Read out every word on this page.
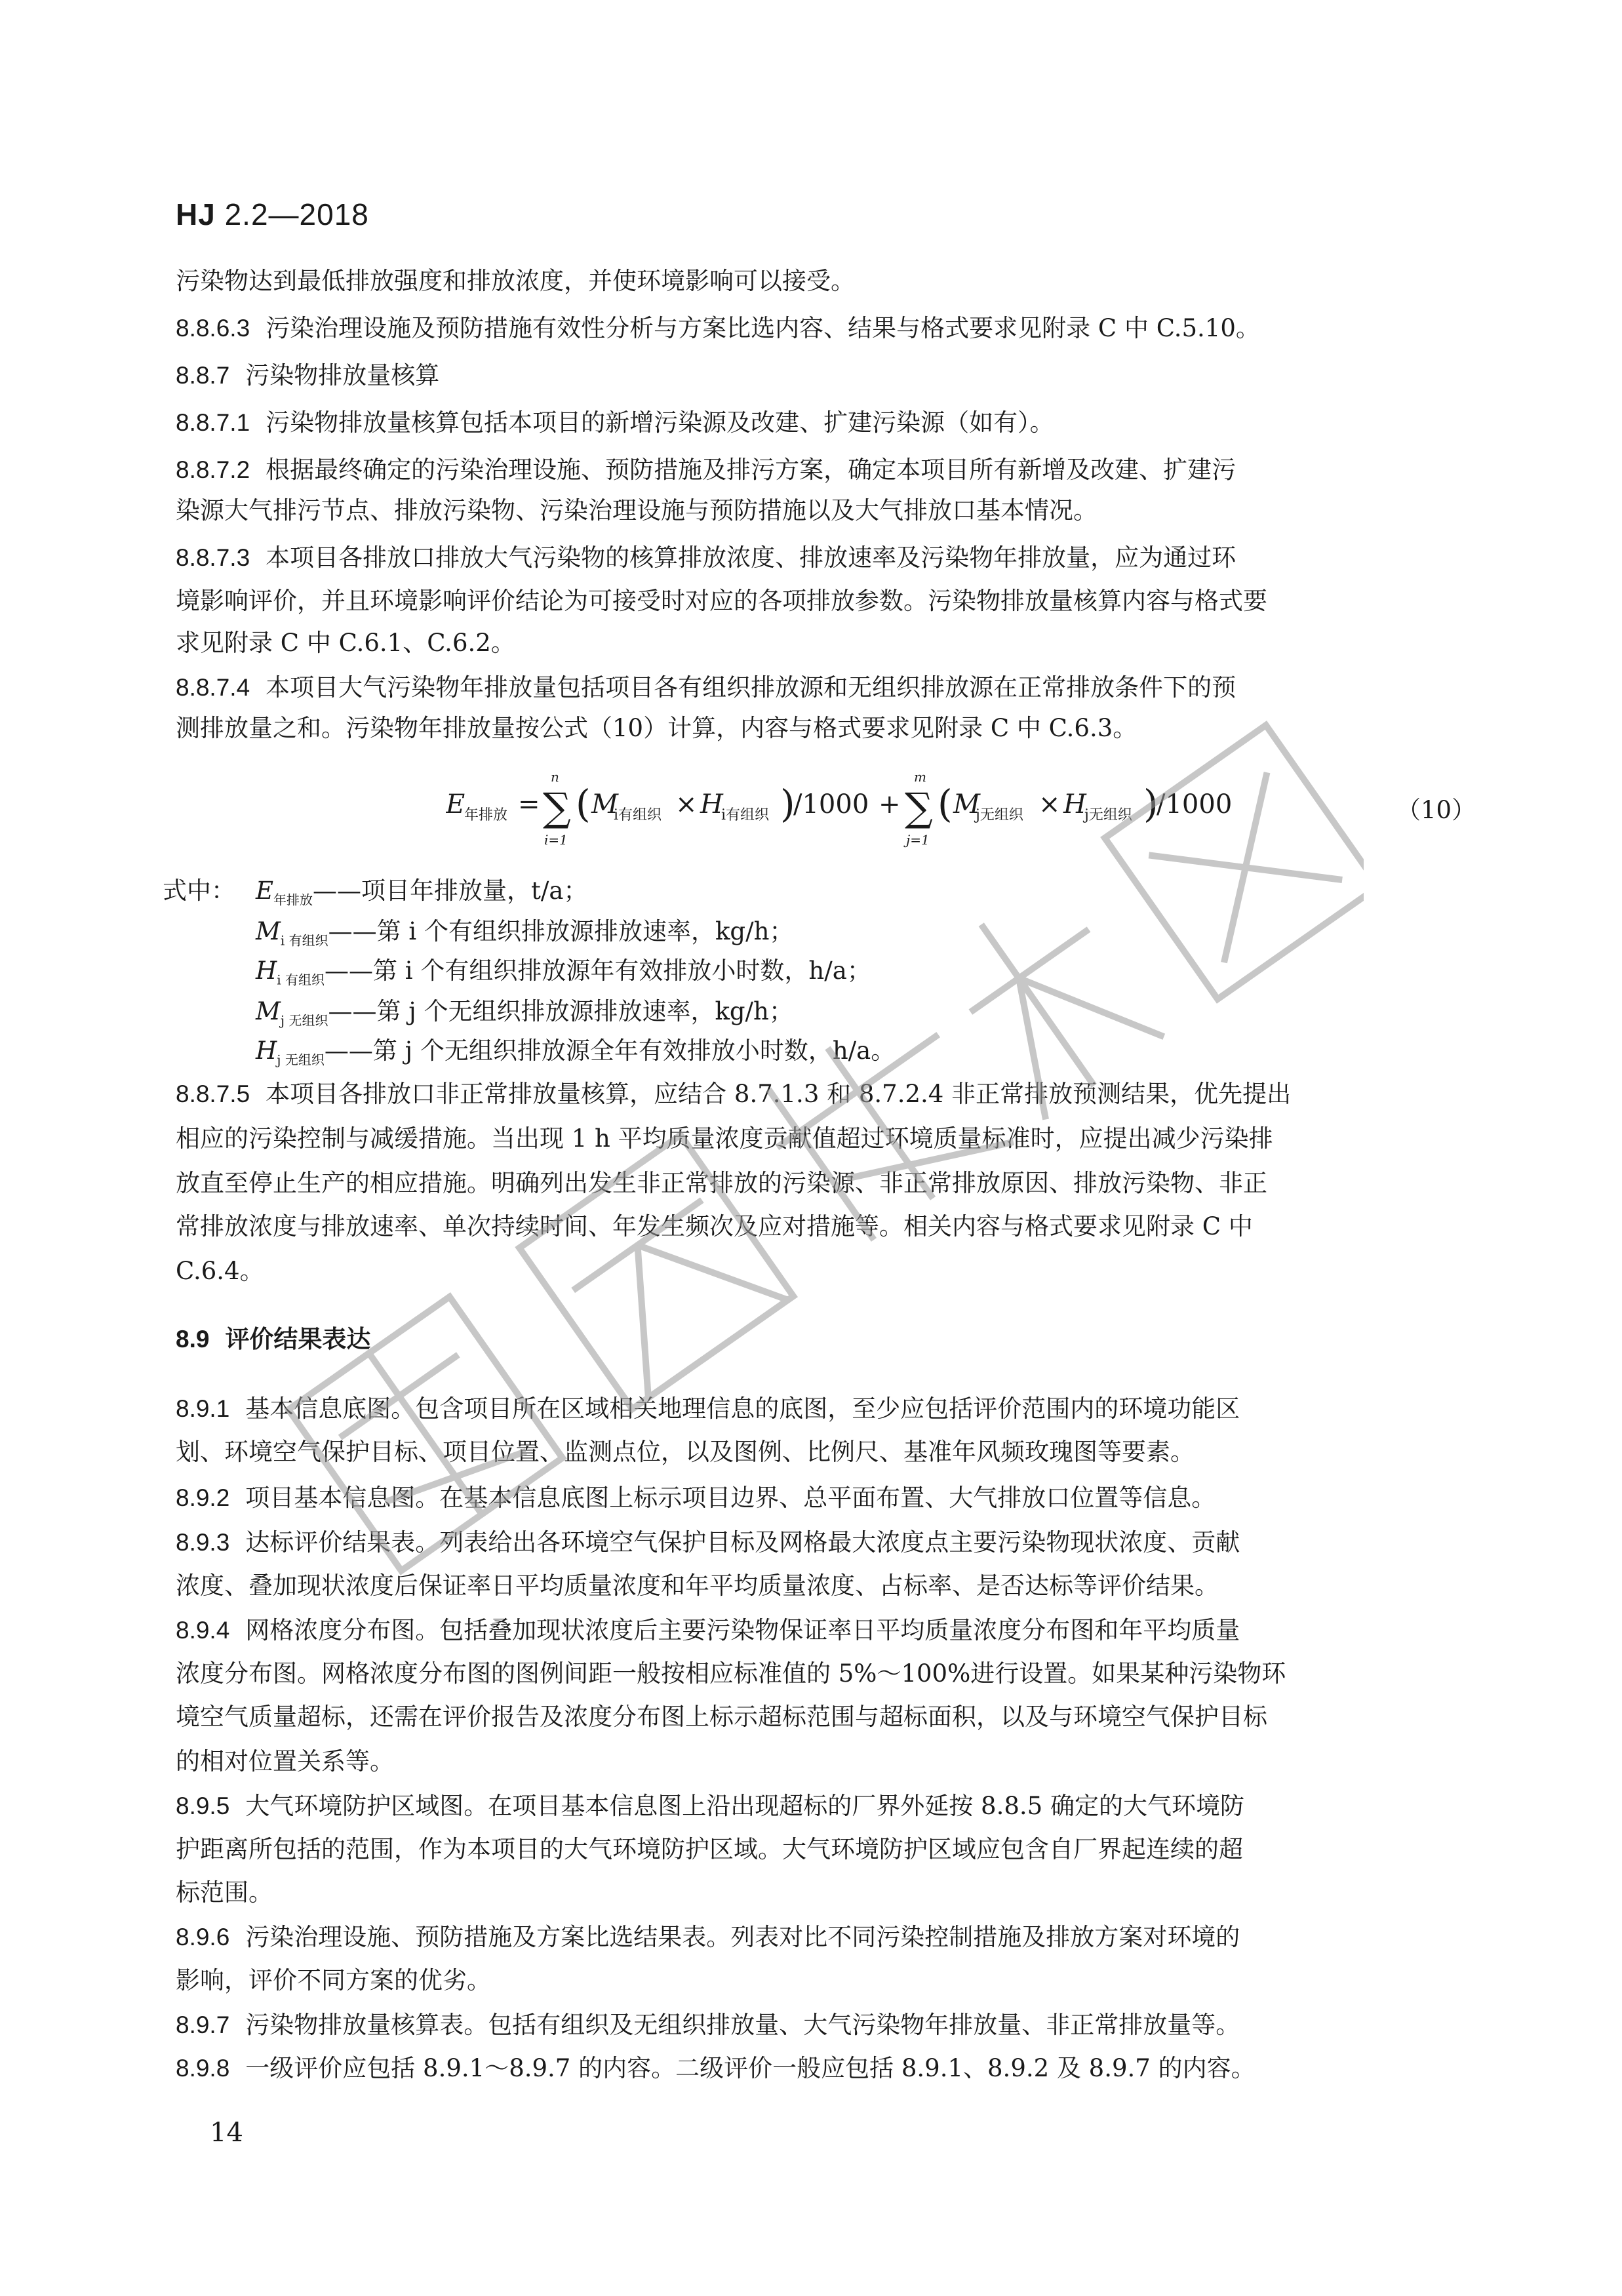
HJ 2.2—2018
污染物达到最低排放强度和排放浓度，并使环境影响可以接受。
8.8.6.3 污染治理设施及预防措施有效性分析与方案比选内容、结果与格式要求见附录 C 中 C.5.10。
8.8.7 污染物排放量核算
8.8.7.1 污染物排放量核算包括本项目的新增污染源及改建、扩建污染源（如有）。
8.8.7.2 根据最终确定的污染治理设施、预防措施及排污方案，确定本项目所有新增及改建、扩建污
染源大气排污节点、排放污染物、污染治理设施与预防措施以及大气排放口基本情况。
8.8.7.3 本项目各排放口排放大气污染物的核算排放浓度、排放速率及污染物年排放量，应为通过环
境影响评价，并且环境影响评价结论为可接受时对应的各项排放参数。污染物排放量核算内容与格式要
求见附录 C 中 C.6.1、C.6.2。
8.8.7.4 本项目大气污染物年排放量包括项目各有组织排放源和无组织排放源在正常排放条件下的预
测排放量之和。污染物年排放量按公式（10）计算，内容与格式要求见附录 C 中 C.6.3。
8.8.7.5 本项目各排放口非正常排放量核算，应结合 8.7.1.3 和 8.7.2.4 非正常排放预测结果，优先提出
相应的污染控制与减缓措施。当出现 1 h 平均质量浓度贡献值超过环境质量标准时，应提出减少污染排
放直至停止生产的相应措施。明确列出发生非正常排放的污染源、非正常排放原因、排放污染物、非正
常排放浓度与排放速率、单次持续时间、年发生频次及应对措施等。相关内容与格式要求见附录 C 中
C.6.4。
8.9 评价结果表达
8.9.1 基本信息底图。包含项目所在区域相关地理信息的底图，至少应包括评价范围内的环境功能区
划、环境空气保护目标、项目位置、监测点位，以及图例、比例尺、基准年风频玫瑰图等要素。
8.9.2 项目基本信息图。在基本信息底图上标示项目边界、总平面布置、大气排放口位置等信息。
8.9.3 达标评价结果表。列表给出各环境空气保护目标及网格最大浓度点主要污染物现状浓度、贡献
浓度、叠加现状浓度后保证率日平均质量浓度和年平均质量浓度、占标率、是否达标等评价结果。
8.9.4 网格浓度分布图。包括叠加现状浓度后主要污染物保证率日平均质量浓度分布图和年平均质量
浓度分布图。网格浓度分布图的图例间距一般按相应标准值的 5%～100%进行设置。如果某种污染物环
境空气质量超标，还需在评价报告及浓度分布图上标示超标范围与超标面积，以及与环境空气保护目标
的相对位置关系等。
8.9.5 大气环境防护区域图。在项目基本信息图上沿出现超标的厂界外延按 8.8.5 确定的大气环境防
护距离所包括的范围，作为本项目的大气环境防护区域。大气环境防护区域应包含自厂界起连续的超
标范围。
8.9.6 污染治理设施、预防措施及方案比选结果表。列表对比不同污染控制措施及排放方案对环境的
影响，评价不同方案的优劣。
8.9.7 污染物排放量核算表。包括有组织及无组织排放量、大气污染物年排放量、非正常排放量等。
8.9.8 一级评价应包括 8.9.1～8.9.7 的内容。二级评价一般应包括 8.9.1、8.9.2 及 8.9.7 的内容。
E
年排放 =
n
∑
i=1
( M
i有组织 × H
i有组织 )
/1000 +
m
∑
j=1
( M
j无组织 × H
j无组织 )
/1000	（10）
式中： $E_{年排放}——$项目年排放量，t/a；
$M_{i 有组织}——$第 i 个有组织排放源排放速率，kg/h；
$H_{i 有组织}——$第 i 个有组织排放源年有效排放小时数，h/a；
$M_{j 无组织}——$第 j 个无组织排放源排放速率，kg/h；
$H_{j 无组织}——$第 j 个无组织排放源全年有效排放小时数，h/a。
14
